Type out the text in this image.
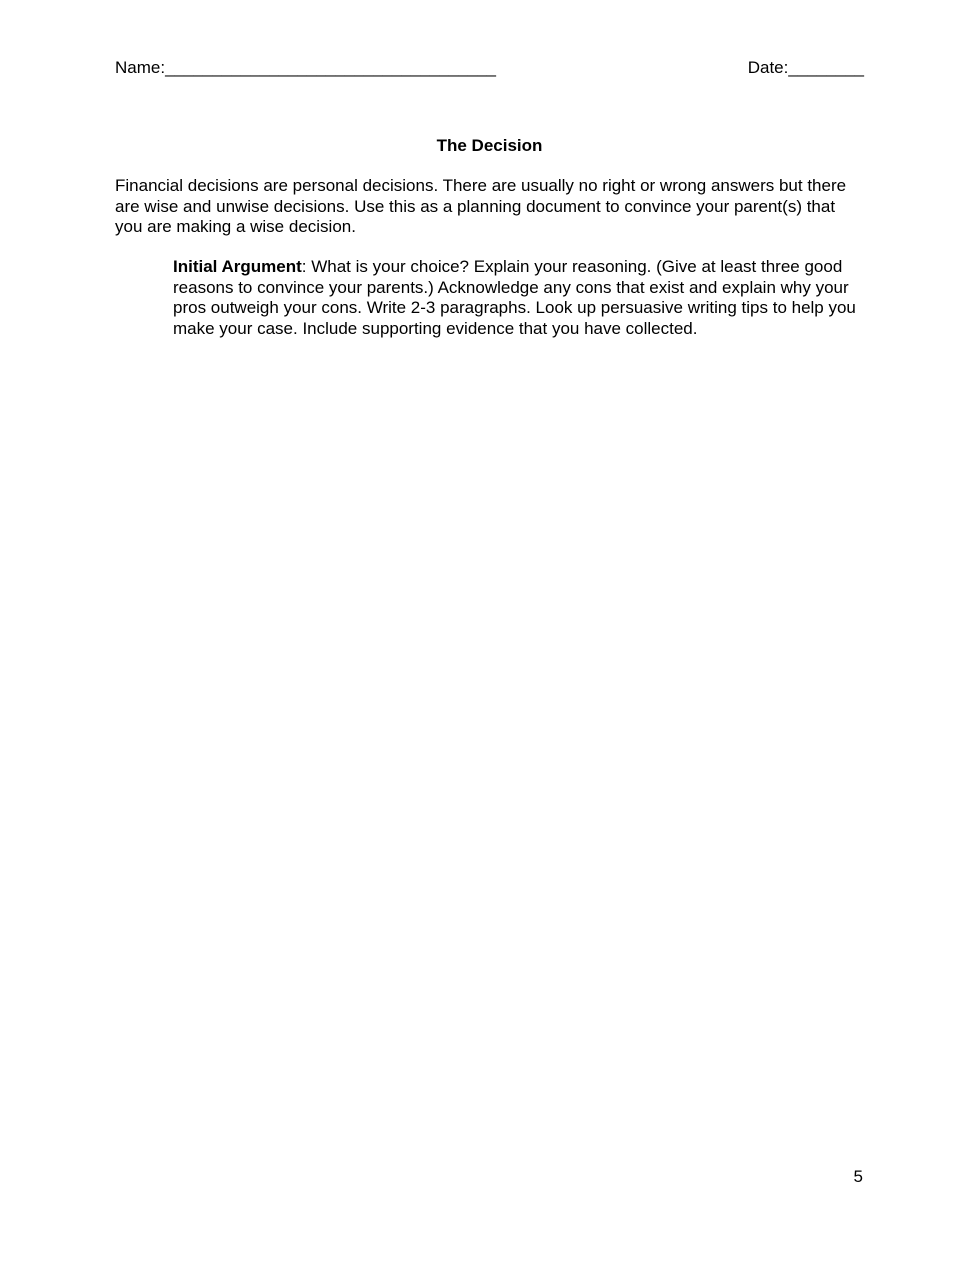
Name:___________________________________	Date:________
The Decision

Financial decisions are personal decisions. There are usually no right or wrong answers but there are wise and unwise decisions. Use this as a planning document to convince your parent(s) that you are making a wise decision.

Initial Argument: What is your choice? Explain your reasoning. (Give at least three good reasons to convince your parents.) Acknowledge any cons that exist and explain why your pros outweigh your cons. Write 2-3 paragraphs. Look up persuasive writing tips to help you make your case. Include supporting evidence that you have collected.

5
